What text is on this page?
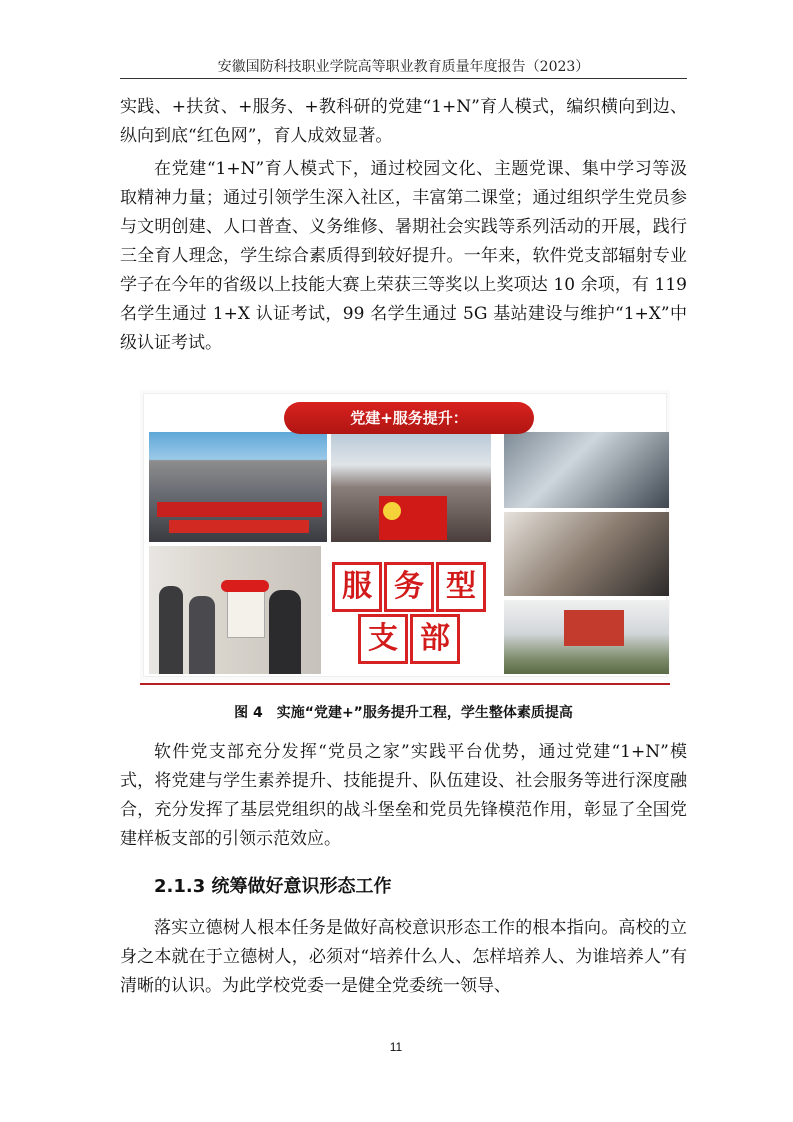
安徽国防科技职业学院高等职业教育质量年度报告（2023）

实践、+扶贫、+服务、+教科研的党建“1+N”育人模式，编织横向到边、纵向到底“红色网”，育人成效显著。

在党建“1+N”育人模式下，通过校园文化、主题党课、集中学习等汲取精神力量；通过引领学生深入社区，丰富第二课堂；通过组织学生党员参与文明创建、人口普查、义务维修、暑期社会实践等系列活动的开展，践行三全育人理念，学生综合素质得到较好提升。一年来，软件党支部辐射专业学子在今年的省级以上技能大赛上荣获三等奖以上奖项达 10 余项，有 119 名学生通过 1+X 认证考试，99 名学生通过 5G 基站建设与维护“1+X”中级认证考试。

党建+服务提升：
服 务 型
支 部
图 4　实施“党建+”服务提升工程，学生整体素质提高

软件党支部充分发挥“党员之家”实践平台优势，通过党建“1+N”模式，将党建与学生素养提升、技能提升、队伍建设、社会服务等进行深度融合，充分发挥了基层党组织的战斗堡垒和党员先锋模范作用，彰显了全国党建样板支部的引领示范效应。

2.1.3 统筹做好意识形态工作

落实立德树人根本任务是做好高校意识形态工作的根本指向。高校的立身之本就在于立德树人，必须对“培养什么人、怎样培养人、为谁培养人”有清晰的认识。为此学校党委一是健全党委统一领导、

11
